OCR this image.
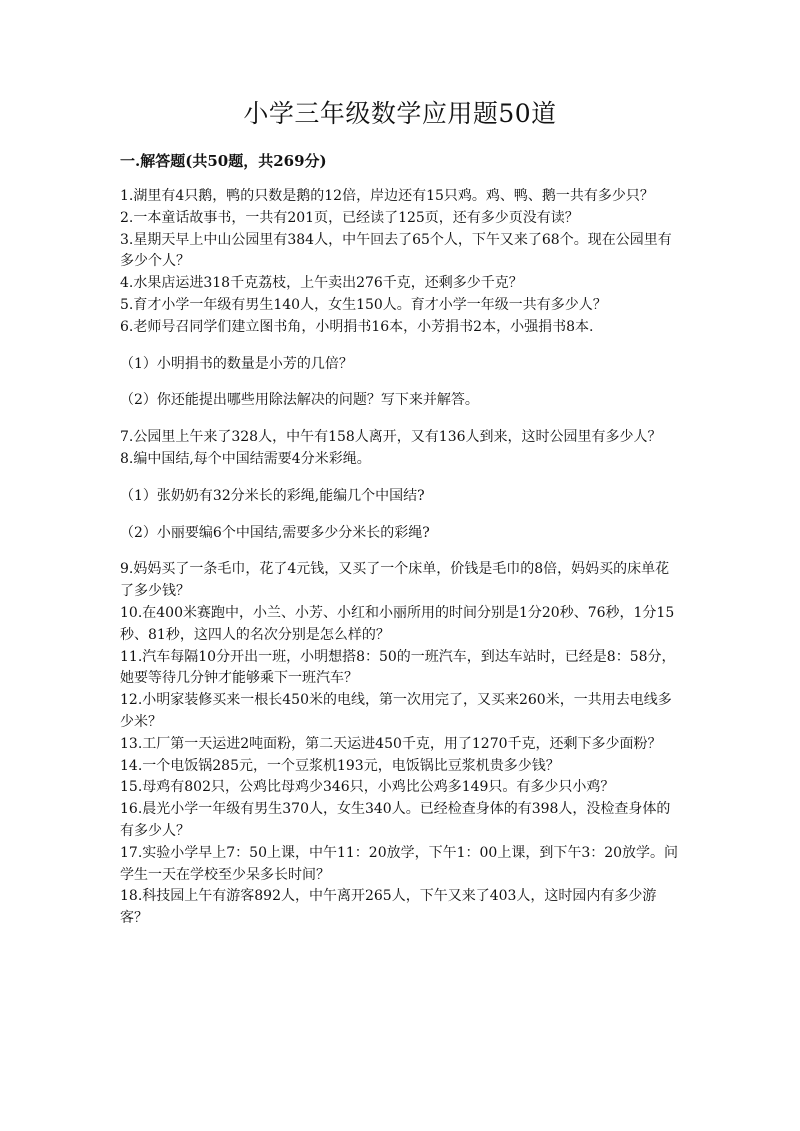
小学三年级数学应用题50道
一.解答题(共50题，共269分)

1.湖里有4只鹅，鸭的只数是鹅的12倍，岸边还有15只鸡。鸡、鸭、鹅一共有多少只？

2.一本童话故事书，一共有201页，已经读了125页，还有多少页没有读？

3.星期天早上中山公园里有384人，中午回去了65个人，下午又来了68个。现在公园里有多少个人？

4.水果店运进318千克荔枝，上午卖出276千克，还剩多少千克？

5.育才小学一年级有男生140人，女生150人。育才小学一年级一共有多少人？

6.老师号召同学们建立图书角，小明捐书16本，小芳捐书2本，小强捐书8本.

（1）小明捐书的数量是小芳的几倍？

（2）你还能提出哪些用除法解决的问题？写下来并解答。

7.公园里上午来了328人，中午有158人离开，又有136人到来，这时公园里有多少人？

8.编中国结,每个中国结需要4分米彩绳。

（1）张奶奶有32分米长的彩绳,能编几个中国结?

（2）小丽要编6个中国结,需要多少分米长的彩绳?

9.妈妈买了一条毛巾，花了4元钱，又买了一个床单，价钱是毛巾的8倍，妈妈买的床单花了多少钱？

10.在400米赛跑中，小兰、小芳、小红和小丽所用的时间分别是1分20秒、76秒，1分15秒、81秒，这四人的名次分别是怎么样的？

11.汽车每隔10分开出一班，小明想搭8：50的一班汽车，到达车站时，已经是8：58分，她要等待几分钟才能够乘下一班汽车？

12.小明家装修买来一根长450米的电线，第一次用完了，又买来260米，一共用去电线多少米？

13.工厂第一天运进2吨面粉，第二天运进450千克，用了1270千克，还剩下多少面粉？

14.一个电饭锅285元，一个豆浆机193元，电饭锅比豆浆机贵多少钱？

15.母鸡有802只，公鸡比母鸡少346只，小鸡比公鸡多149只。有多少只小鸡？

16.晨光小学一年级有男生370人，女生340人。已经检查身体的有398人，没检查身体的有多少人？

17.实验小学早上7：50上课，中午11：20放学，下午1：00上课，到下午3：20放学。问学生一天在学校至少呆多长时间？

18.科技园上午有游客892人，中午离开265人，下午又来了403人，这时园内有多少游客？
